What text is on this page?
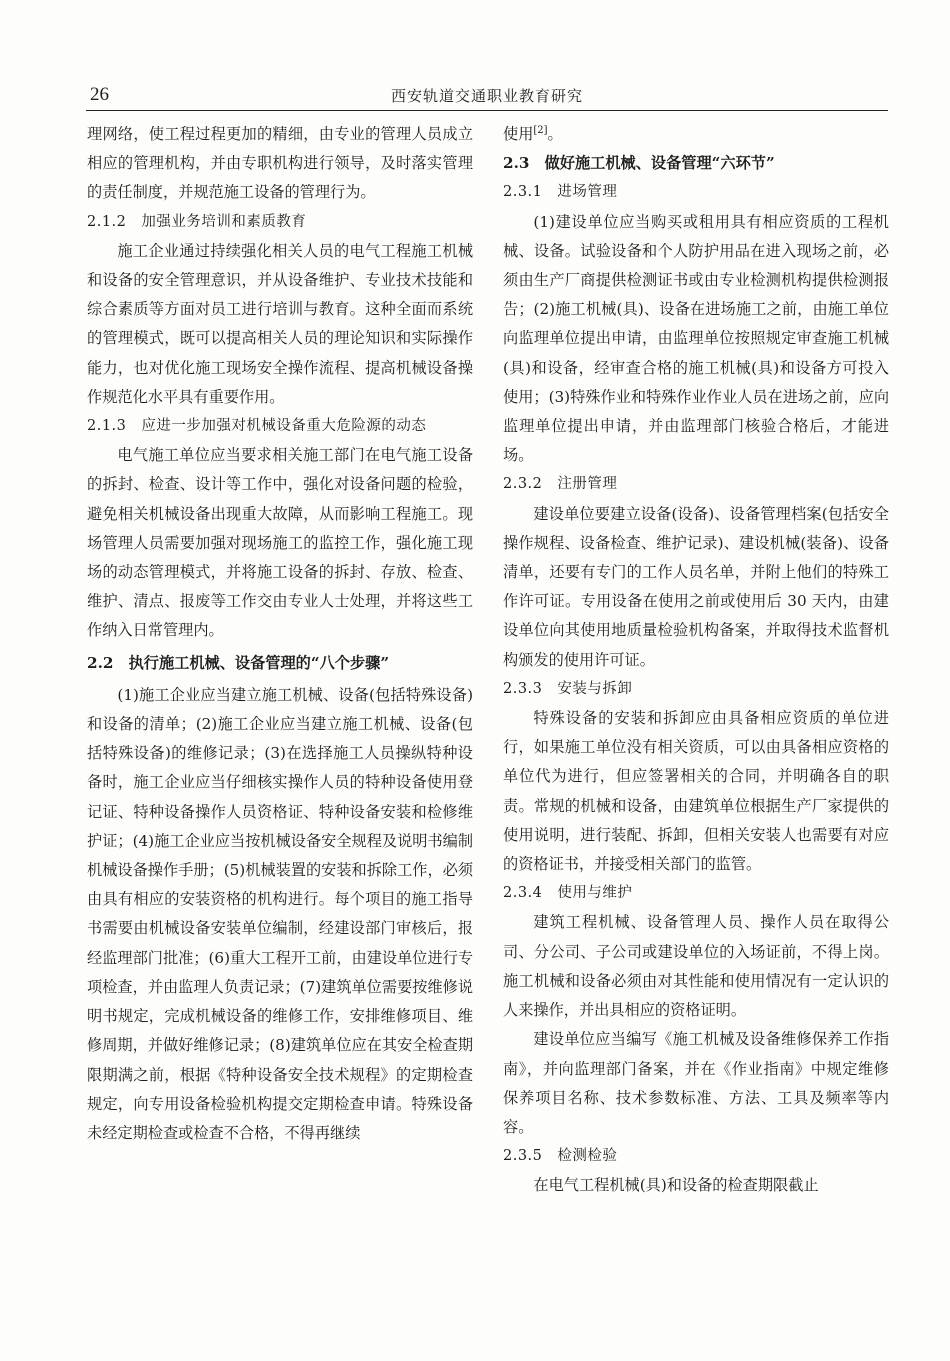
26	西安轨道交通职业教育研究

理网络，使工程过程更加的精细，由专业的管理人员成立相应的管理机构，并由专职机构进行领导，及时落实管理的责任制度，并规范施工设备的管理行为。

2.1.2　加强业务培训和素质教育

施工企业通过持续强化相关人员的电气工程施工机械和设备的安全管理意识，并从设备维护、专业技术技能和综合素质等方面对员工进行培训与教育。这种全面而系统的管理模式，既可以提高相关人员的理论知识和实际操作能力，也对优化施工现场安全操作流程、提高机械设备操作规范化水平具有重要作用。

2.1.3　应进一步加强对机械设备重大危险源的动态

电气施工单位应当要求相关施工部门在电气施工设备的拆封、检查、设计等工作中，强化对设备问题的检验，避免相关机械设备出现重大故障，从而影响工程施工。现场管理人员需要加强对现场施工的监控工作，强化施工现场的动态管理模式，并将施工设备的拆封、存放、检查、维护、清点、报废等工作交由专业人士处理，并将这些工作纳入日常管理内。

2.2　执行施工机械、设备管理的“八个步骤”

(1)施工企业应当建立施工机械、设备(包括特殊设备)和设备的清单；(2)施工企业应当建立施工机械、设备(包括特殊设备)的维修记录；(3)在选择施工人员操纵特种设备时，施工企业应当仔细核实操作人员的特种设备使用登记证、特种设备操作人员资格证、特种设备安装和检修维护证；(4)施工企业应当按机械设备安全规程及说明书编制机械设备操作手册；(5)机械装置的安装和拆除工作，必须由具有相应的安装资格的机构进行。每个项目的施工指导书需要由机械设备安装单位编制，经建设部门审核后，报经监理部门批准；(6)重大工程开工前，由建设单位进行专项检查，并由监理人负责记录；(7)建筑单位需要按维修说明书规定，完成机械设备的维修工作，安排维修项目、维修周期，并做好维修记录；(8)建筑单位应在其安全检查期限期满之前，根据《特种设备安全技术规程》的定期检查规定，向专用设备检验机构提交定期检查申请。特殊设备未经定期检查或检查不合格，不得再继续

使用[2]。

2.3　做好施工机械、设备管理“六环节”

2.3.1　进场管理

(1)建设单位应当购买或租用具有相应资质的工程机械、设备。试验设备和个人防护用品在进入现场之前，必须由生产厂商提供检测证书或由专业检测机构提供检测报告；(2)施工机械(具)、设备在进场施工之前，由施工单位向监理单位提出申请，由监理单位按照规定审查施工机械(具)和设备，经审查合格的施工机械(具)和设备方可投入使用；(3)特殊作业和特殊作业作业人员在进场之前，应向监理单位提出申请，并由监理部门核验合格后，才能进场。

2.3.2　注册管理

建设单位要建立设备(设备)、设备管理档案(包括安全操作规程、设备检查、维护记录)、建设机械(装备)、设备清单，还要有专门的工作人员名单，并附上他们的特殊工作许可证。专用设备在使用之前或使用后 30 天内，由建设单位向其使用地质量检验机构备案，并取得技术监督机构颁发的使用许可证。

2.3.3　安装与拆卸

特殊设备的安装和拆卸应由具备相应资质的单位进行，如果施工单位没有相关资质，可以由具备相应资格的单位代为进行，但应签署相关的合同，并明确各自的职责。常规的机械和设备，由建筑单位根据生产厂家提供的使用说明，进行装配、拆卸，但相关安装人也需要有对应的资格证书，并接受相关部门的监管。

2.3.4　使用与维护

建筑工程机械、设备管理人员、操作人员在取得公司、分公司、子公司或建设单位的入场证前，不得上岗。施工机械和设备必须由对其性能和使用情况有一定认识的人来操作，并出具相应的资格证明。

建设单位应当编写《施工机械及设备维修保养工作指南》，并向监理部门备案，并在《作业指南》中规定维修保养项目名称、技术参数标准、方法、工具及频率等内容。

2.3.5　检测检验

在电气工程机械(具)和设备的检查期限截止
